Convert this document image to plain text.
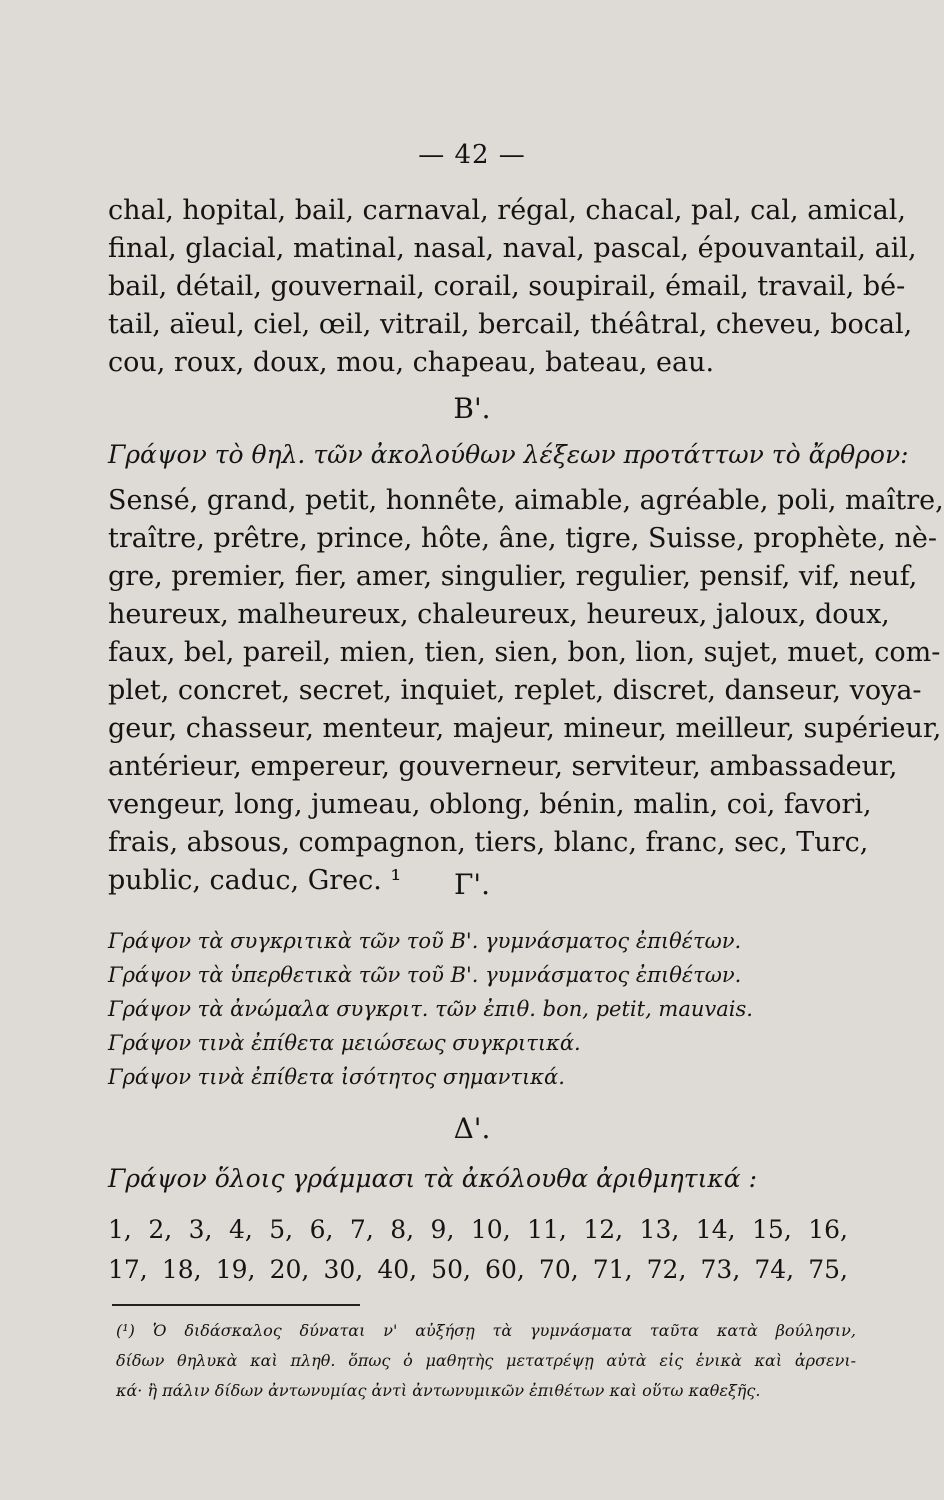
— 42 —
chal, hopital, bail, carnaval, régal, chacal, pal, cal, amical,
final, glacial, matinal, nasal, naval, pascal, épouvantail, ail,
bail, détail, gouvernail, corail, soupirail, émail, travail, bé-
tail, aïeul, ciel, œil, vitrail, bercail, théâtral, cheveu, bocal,
cou, roux, doux, mou, chapeau, bateau, eau.
Β'.
Γράψον τὸ θηλ. τῶν ἀκολούθων λέξεων προτάττων τὸ ἄρθρον:
Sensé, grand, petit, honnête, aimable, agréable, poli, maître,
traître, prêtre, prince, hôte, âne, tigre, Suisse, prophète, nè-
gre, premier, fier, amer, singulier, regulier, pensif, vif, neuf,
heureux, malheureux, chaleureux, heureux, jaloux, doux,
faux, bel, pareil, mien, tien, sien, bon, lion, sujet, muet, com-
plet, concret, secret, inquiet, replet, discret, danseur, voya-
geur, chasseur, menteur, majeur, mineur, meilleur, supérieur,
antérieur, empereur, gouverneur, serviteur, ambassadeur,
vengeur, long, jumeau, oblong, bénin, malin, coi, favori,
frais, absous, compagnon, tiers, blanc, franc, sec, Turc,
public, caduc, Grec. ¹	Γ'.
Γράψον τὰ συγκριτικὰ τῶν τοῦ Β'. γυμνάσματος ἐπιθέτων.
Γράψον τὰ ὑπερθετικὰ τῶν τοῦ Β'. γυμνάσματος ἐπιθέτων.
Γράψον τὰ ἀνώμαλα συγκριτ. τῶν ἐπιθ. bon, petit, mauvais.
Γράψον τινὰ ἐπίθετα μειώσεως συγκριτικά.
Γράψον τινὰ ἐπίθετα ἰσότητος σημαντικά.
Δ'.
Γράψον ὅλοις γράμμασι τὰ ἀκόλουθα ἀριθμητικά :
1, 2, 3, 4, 5, 6, 7, 8, 9, 10, 11, 12, 13, 14, 15, 16,
17, 18, 19, 20, 30, 40, 50, 60, 70, 71, 72, 73, 74, 75,
(¹) Ὁ διδάσκαλος δύναται ν' αὐξήσῃ τὰ γυμνάσματα ταῦτα κατὰ βούλησιν,
δίδων θηλυκὰ καὶ πληθ. ὅπως ὁ μαθητὴς μετατρέψῃ αὐτὰ εἰς ἑνικὰ καὶ ἀρσενι-
κά· ἢ πάλιν δίδων ἀντωνυμίας ἀντὶ ἀντωνυμικῶν ἐπιθέτων καὶ οὕτω καθεξῆς.
